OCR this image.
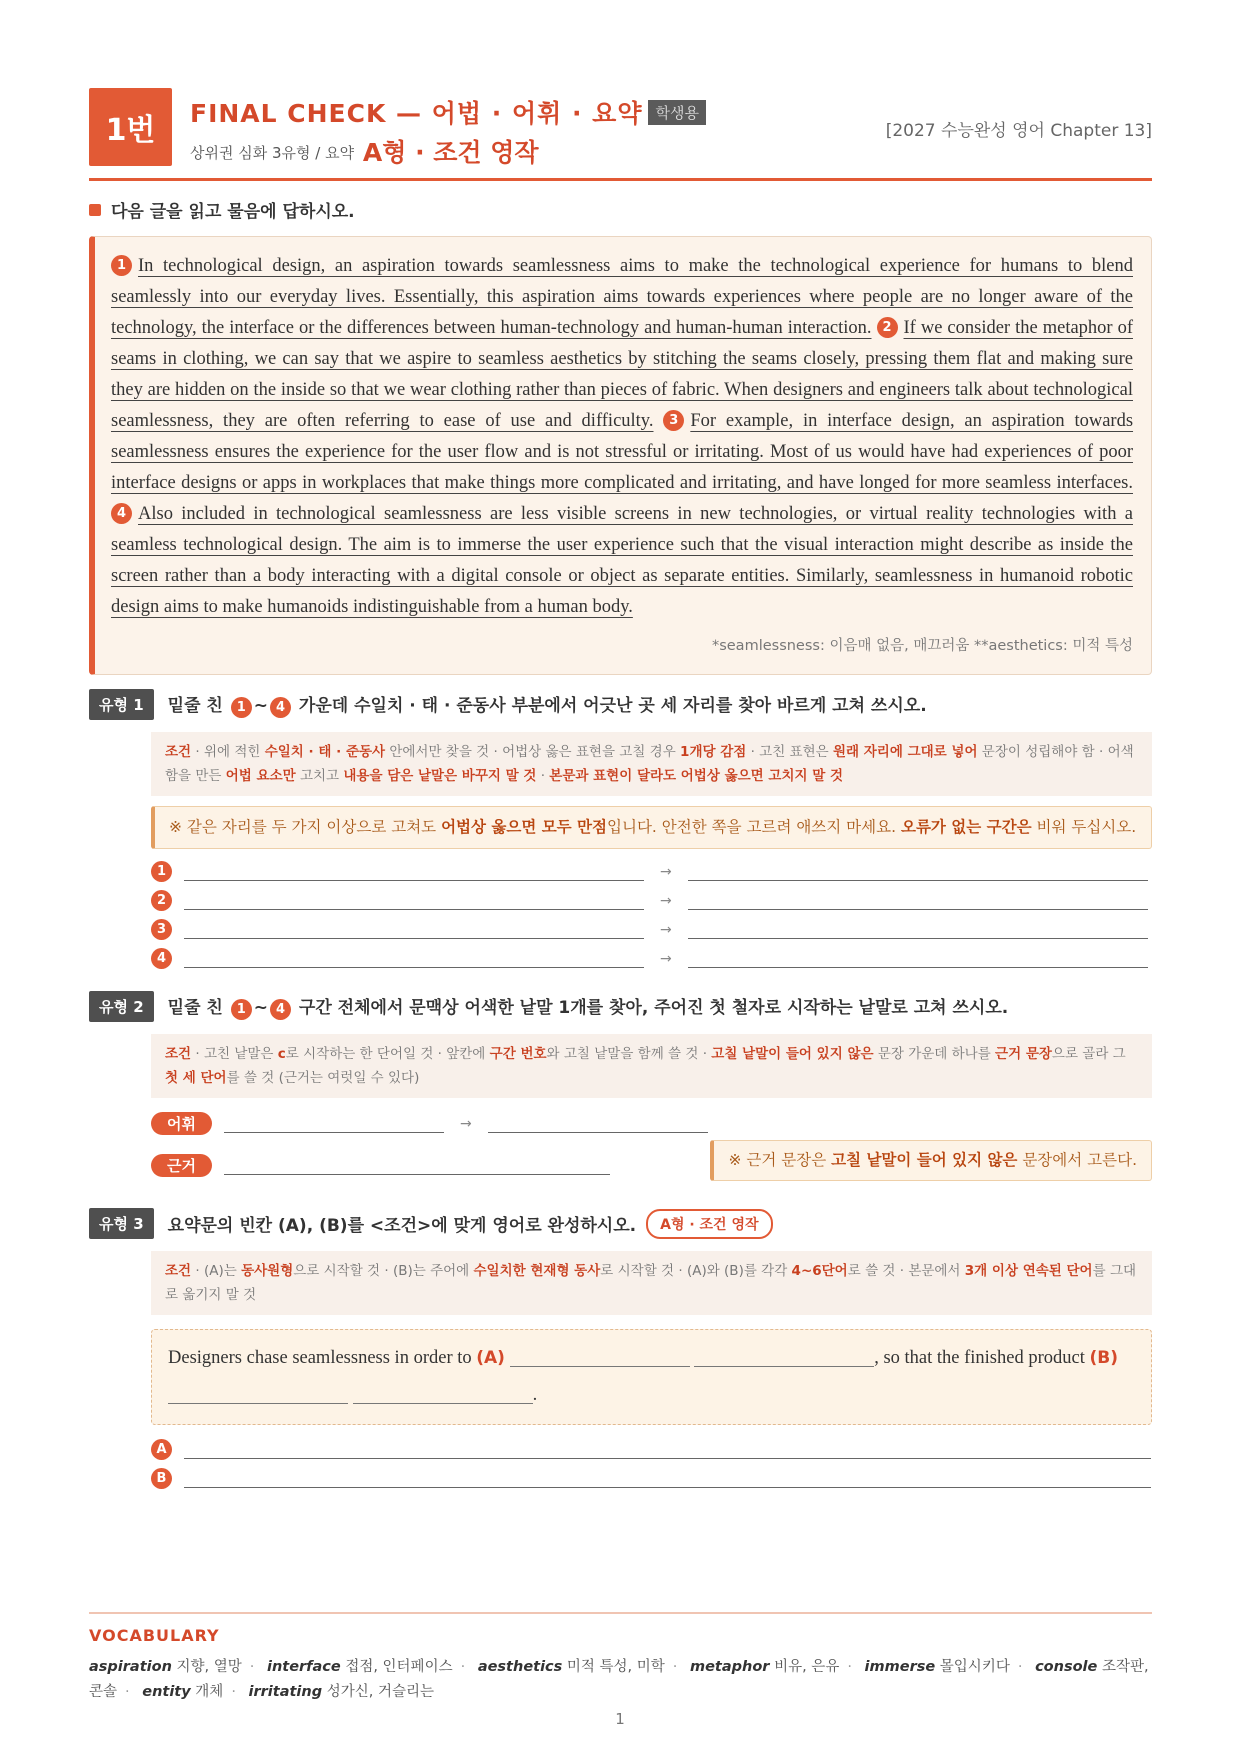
1번	FINAL CHECK — 어법 · 어휘 · 요약 학생용
상위권 심화 3유형 / 요약 A형 · 조건 영작
[2027 수능완성 영어 Chapter 13]
다음 글을 읽고 물음에 답하시오.
1 In technological design, an aspiration towards seamlessness aims to make the technological experience for humans to blend seamlessly into our everyday lives. Essentially, this aspiration aims towards experiences where people are no longer aware of the technology, the interface or the differences between human-technology and human-human interaction. 2 If we consider the metaphor of seams in clothing, we can say that we aspire to seamless aesthetics by stitching the seams closely, pressing them flat and making sure they are hidden on the inside so that we wear clothing rather than pieces of fabric. When designers and engineers talk about technological seamlessness, they are often referring to ease of use and difficulty. 3 For example, in interface design, an aspiration towards seamlessness ensures the experience for the user flow and is not stressful or irritating. Most of us would have had experiences of poor interface designs or apps in workplaces that make things more complicated and irritating, and have longed for more seamless interfaces. 4 Also included in technological seamlessness are less visible screens in new technologies, or virtual reality technologies with a seamless technological design. The aim is to immerse the user experience such that the visual interaction might describe as inside the screen rather than a body interacting with a digital console or object as separate entities. Similarly, seamlessness in humanoid robotic design aims to make humanoids indistinguishable from a human body.
*seamlessness: 이음매 없음, 매끄러움 **aesthetics: 미적 특성
유형 1	밑줄 친 1 ~ 4 가운데 수일치 · 태 · 준동사 부분에서 어긋난 곳 세 자리를 찾아 바르게 고쳐 쓰시오.
조건 · 위에 적힌 수일치 · 태 · 준동사 안에서만 찾을 것 · 어법상 옳은 표현을 고칠 경우 1개당 감점 · 고친 표현은 원래 자리에 그대로 넣어 문장이 성립해야 함 · 어색함을 만든 어법 요소만 고치고 내용을 담은 낱말은 바꾸지 말 것 · 본문과 표현이 달라도 어법상 옳으면 고치지 말 것
※ 같은 자리를 두 가지 이상으로 고쳐도 어법상 옳으면 모두 만점입니다. 안전한 쪽을 고르려 애쓰지 마세요. 오류가 없는 구간은 비워 두십시오.
1	→
2	→
3	→
4	→
유형 2	밑줄 친 1 ~ 4 구간 전체에서 문맥상 어색한 낱말 1개를 찾아, 주어진 첫 철자로 시작하는 낱말로 고쳐 쓰시오.
조건 · 고친 낱말은 c로 시작하는 한 단어일 것 · 앞칸에 구간 번호와 고칠 낱말을 함께 쓸 것 · 고칠 낱말이 들어 있지 않은 문장 가운데 하나를 근거 문장으로 골라 그 첫 세 단어를 쓸 것 (근거는 여럿일 수 있다)
어휘	→
근거	※ 근거 문장은 고칠 낱말이 들어 있지 않은 문장에서 고른다.
유형 3	요약문의 빈칸 (A), (B)를 <조건>에 맞게 영어로 완성하시오.	A형 · 조건 영작
조건 · (A)는 동사원형으로 시작할 것 · (B)는 주어에 수일치한 현재형 동사로 시작할 것 · (A)와 (B)를 각각 4~6단어로 쓸 것 · 본문에서 3개 이상 연속된 단어를 그대로 옮기지 말 것
Designers chase seamlessness in order to (A)	, so that the finished product (B)
.
A
B
VOCABULARY
aspiration 지향, 열망 · interface 접점, 인터페이스 · aesthetics 미적 특성, 미학 · metaphor 비유, 은유 · immerse 몰입시키다 · console 조작판, 콘솔 · entity 개체 · irritating 성가신, 거슬리는
1
